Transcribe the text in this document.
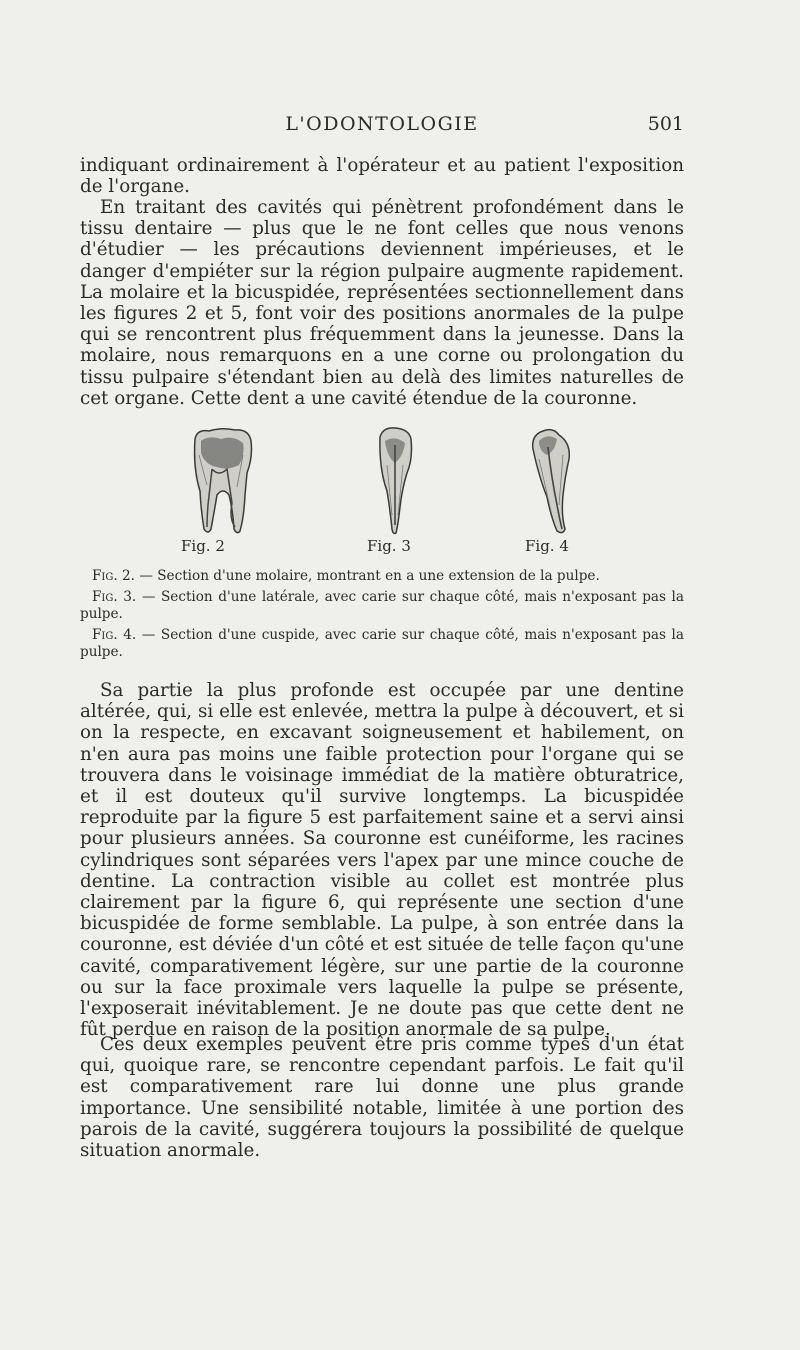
L'ODONTOLOGIE	501

indiquant ordinairement à l'opérateur et au patient l'exposition de l'organe.

En traitant des cavités qui pénètrent profondément dans le tissu dentaire — plus que le ne font celles que nous venons d'étudier — les précautions deviennent impérieuses, et le danger d'empiéter sur la région pulpaire augmente rapidement. La molaire et la bicuspidée, représentées sectionnellement dans les figures 2 et 5, font voir des positions anormales de la pulpe qui se rencontrent plus fréquemment dans la jeunesse. Dans la molaire, nous remarquons en a une corne ou prolongation du tissu pulpaire s'étendant bien au delà des limites naturelles de cet organe. Cette dent a une cavité étendue de la couronne.

Fig. 2	Fig. 3	Fig. 4

Fig. 2. — Section d'une molaire, montrant en a une extension de la pulpe.

Fig. 3. — Section d'une latérale, avec carie sur chaque côté, mais n'exposant pas la pulpe.

Fig. 4. — Section d'une cuspide, avec carie sur chaque côté, mais n'exposant pas la pulpe.

Sa partie la plus profonde est occupée par une dentine altérée, qui, si elle est enlevée, mettra la pulpe à découvert, et si on la respecte, en excavant soigneusement et habilement, on n'en aura pas moins une faible protection pour l'organe qui se trouvera dans le voisinage immédiat de la matière obturatrice, et il est douteux qu'il survive longtemps. La bicuspidée reproduite par la figure 5 est parfaitement saine et a servi ainsi pour plusieurs années. Sa couronne est cunéiforme, les racines cylindriques sont séparées vers l'apex par une mince couche de dentine. La contraction visible au collet est montrée plus clairement par la figure 6, qui représente une section d'une bicuspidée de forme semblable. La pulpe, à son entrée dans la couronne, est déviée d'un côté et est située de telle façon qu'une cavité, comparativement légère, sur une partie de la couronne ou sur la face proximale vers laquelle la pulpe se présente, l'exposerait inévitablement. Je ne doute pas que cette dent ne fût perdue en raison de la position anormale de sa pulpe.

Ces deux exemples peuvent être pris comme types d'un état qui, quoique rare, se rencontre cependant parfois. Le fait qu'il est comparativement rare lui donne une plus grande importance. Une sensibilité notable, limitée à une portion des parois de la cavité, suggérera toujours la possibilité de quelque situation anormale.
